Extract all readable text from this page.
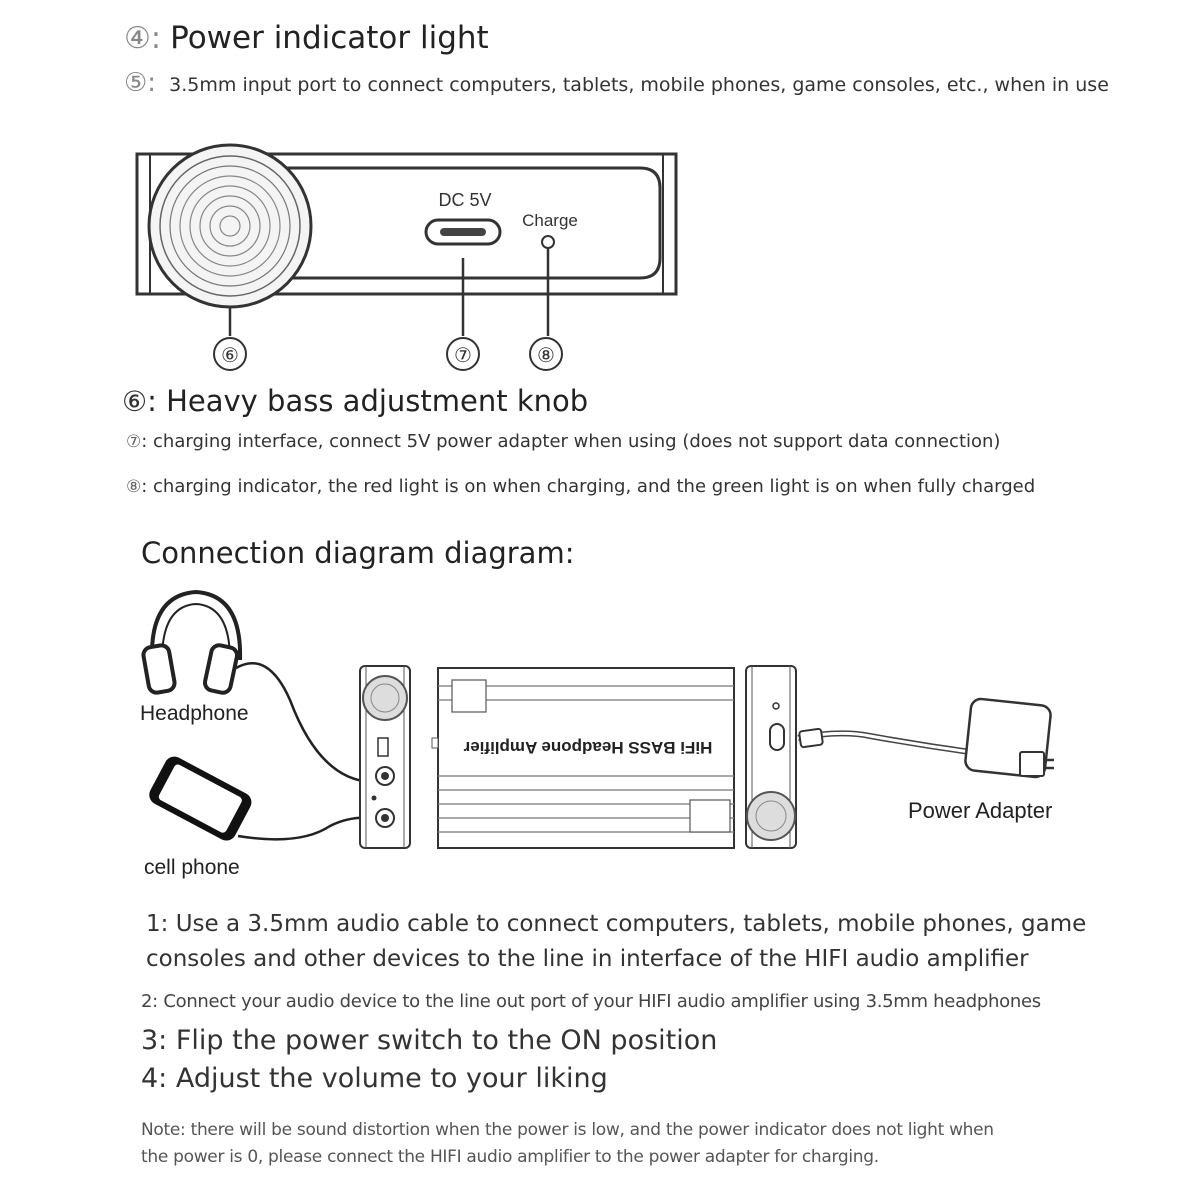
④: Power indicator light
⑤: 3.5mm input port to connect computers, tablets, mobile phones, game consoles, etc., when in use
DC 5V
Charge
⑥	⑦	⑧
⑥: Heavy bass adjustment knob
⑦: charging interface, connect 5V power adapter when using (does not support data connection)
⑧: charging indicator, the red light is on when charging, and the green light is on when fully charged
Connection diagram diagram:
Headphone
cell phone
HiFi BASS Headpone Amplifier
Power Adapter
1: Use a 3.5mm audio cable to connect computers, tablets, mobile phones, game
consoles and other devices to the line in interface of the HIFI audio amplifier
2: Connect your audio device to the line out port of your HIFI audio amplifier using 3.5mm headphones
3: Flip the power switch to the ON position
4: Adjust the volume to your liking
Note: there will be sound distortion when the power is low, and the power indicator does not light when
the power is 0, please connect the HIFI audio amplifier to the power adapter for charging.
